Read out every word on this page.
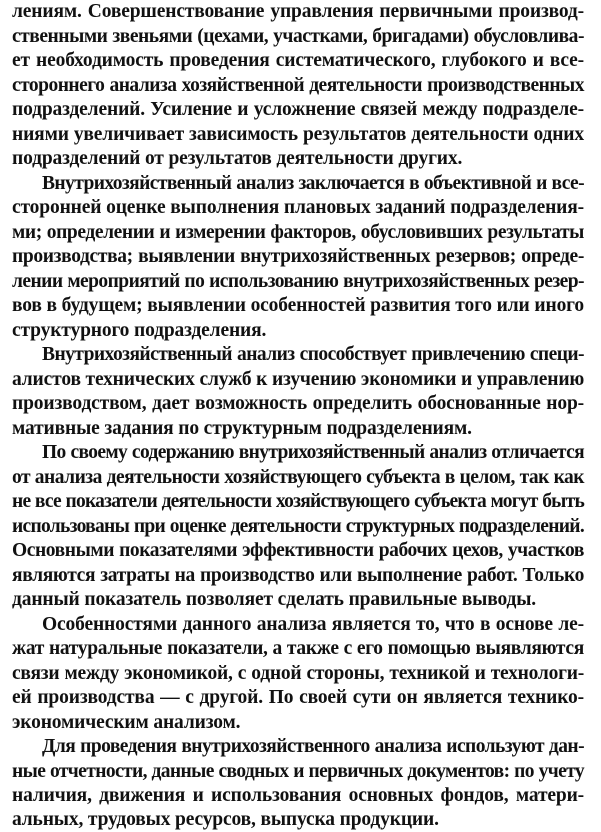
лениям. Совершенствование управления первичными производ-
ственными звеньями (цехами, участками, бригадами) обусловлива-
ет необходимость проведения систематического, глубокого и все-
стороннего анализа хозяйственной деятельности производственных
подразделений. Усиление и усложнение связей между подразделе-
ниями увеличивает зависимость результатов деятельности одних
подразделений от результатов деятельности других.
Внутрихозяйственный анализ заключается в объективной и все-
сторонней оценке выполнения плановых заданий подразделения-
ми; определении и измерении факторов, обусловивших результаты
производства; выявлении внутрихозяйственных резервов; опреде-
лении мероприятий по использованию внутрихозяйственных резер-
вов в будущем; выявлении особенностей развития того или иного
структурного подразделения.
Внутрихозяйственный анализ способствует привлечению специ-
алистов технических служб к изучению экономики и управлению
производством, дает возможность определить обоснованные нор-
мативные задания по структурным подразделениям.
По своему содержанию внутрихозяйственный анализ отличается
от анализа деятельности хозяйствующего субъекта в целом, так как
не все показатели деятельности хозяйствующего субъекта могут быть
использованы при оценке деятельности структурных подразделений.
Основными показателями эффективности рабочих цехов, участков
являются затраты на производство или выполнение работ. Только
данный показатель позволяет сделать правильные выводы.
Особенностями данного анализа является то, что в основе ле-
жат натуральные показатели, а также с его помощью выявляются
связи между экономикой, с одной стороны, техникой и технологи-
ей производства — с другой. По своей сути он является технико-
экономическим анализом.
Для проведения внутрихозяйственного анализа используют дан-
ные отчетности, данные сводных и первичных документов: по учету
наличия, движения и использования основных фондов, матери-
альных, трудовых ресурсов, выпуска продукции.
